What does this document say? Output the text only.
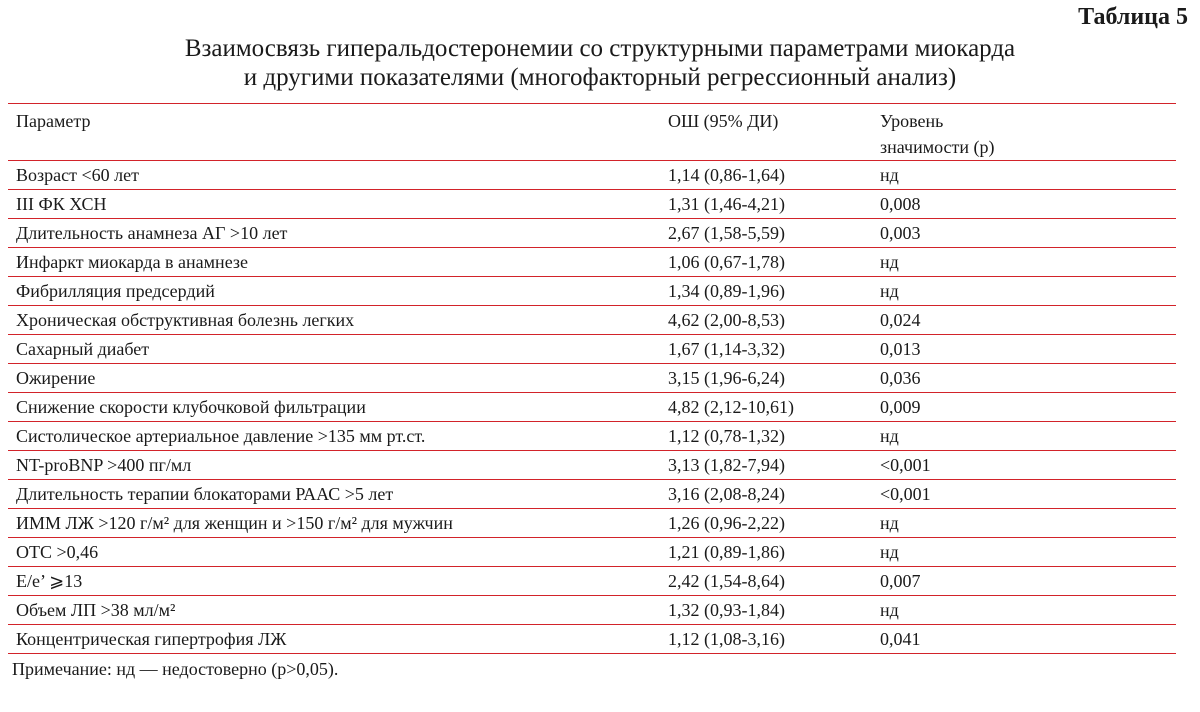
Таблица 5
Взаимосвязь гиперальдостеронемии со структурными параметрами миокарда
и другими показателями (многофакторный регрессионный анализ)
Параметр	ОШ (95% ДИ)	Уровень
значимости (p)
Возраст <60 лет	1,14 (0,86-1,64)	нд
III ФК ХСН	1,31 (1,46-4,21)	0,008
Длительность анамнеза АГ >10 лет	2,67 (1,58-5,59)	0,003
Инфаркт миокарда в анамнезе	1,06 (0,67-1,78)	нд
Фибрилляция предсердий	1,34 (0,89-1,96)	нд
Хроническая обструктивная болезнь легких	4,62 (2,00-8,53)	0,024
Сахарный диабет	1,67 (1,14-3,32)	0,013
Ожирение	3,15 (1,96-6,24)	0,036
Снижение скорости клубочковой фильтрации	4,82 (2,12-10,61)	0,009
Систолическое артериальное давление >135 мм рт.ст.	1,12 (0,78-1,32)	нд
NT-proBNP >400 пг/мл	3,13 (1,82-7,94)	<0,001
Длительность терапии блокаторами РААС >5 лет	3,16 (2,08-8,24)	<0,001
ИММ ЛЖ >120 г/м² для женщин и >150 г/м² для мужчин	1,26 (0,96-2,22)	нд
ОТС >0,46	1,21 (0,89-1,86)	нд
E/e’ ⩾13	2,42 (1,54-8,64)	0,007
Объем ЛП >38 мл/м²	1,32 (0,93-1,84)	нд
Концентрическая гипертрофия ЛЖ	1,12 (1,08-3,16)	0,041

Примечание: нд — недостоверно (p>0,05).
